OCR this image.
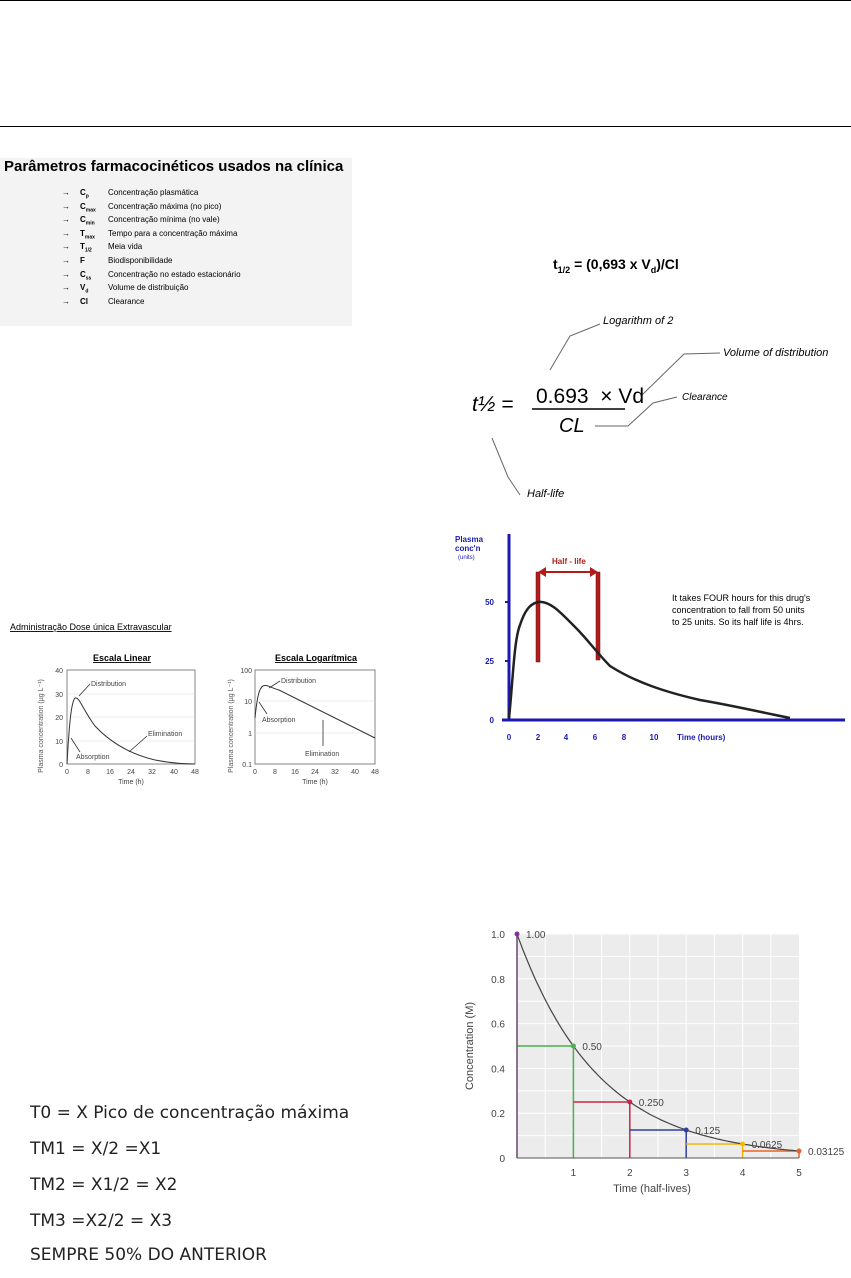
Parâmetros farmacocinéticos usados na clínica
→ $C_p$ Concentração plasmática
→ $C_{max}$ Concentração máxima (no pico)
→ $C_{min}$ Concentração mínima (no vale)
→ $T_{max}$ Tempo para a concentração máxima
→ $T_{1/2}$ Meia vida
→ F	Biodisponibilidade
→ $C_{ss}$ Concentração no estado estacionário
→ $V_d$ Volume de distribuição
→ Cl	Clearance
$t_{1/2} = (0,693$ x $V_d)/Cl$
Logarithm of 2
Volume of distribution
Clearance
Half-life
t½ = 0.693  × Vd
CL
Plasma
conc'n
(units)
50
25
0
0	2	4	6	8	10 Time (hours)
Half - life
It takes FOUR hours for this drug's
concentration to fall from 50 units
to 25 units. So its half life is 4hrs.
Administração Dose única Extravascular
Escala Linear	Escala Logarítmica
Plasma concentration (µg L⁻¹)
40
30
20
10
0
0 8 16 24 32 40 48
Time (h)
Distribution
Absorption
Elimination	Plasma concentration (µg L⁻¹)
100
10
1
0.1
0 8 16 24 32 40 48
Time (h)
Distribution
Absorption
Elimination
T0 = X Pico de concentração máxima
TM1 = X/2 =X1
TM2 = X1/2 = X2
TM3 =X2/2 = X3
SEMPRE 50% DO ANTERIOR
1.00
0.50
0.250
0.125
0.0625
0.03125
0
0.2
0.4
0.6
0.8
1.0
1	2	3	4	5
Time (half-lives)
Concentration (M)
